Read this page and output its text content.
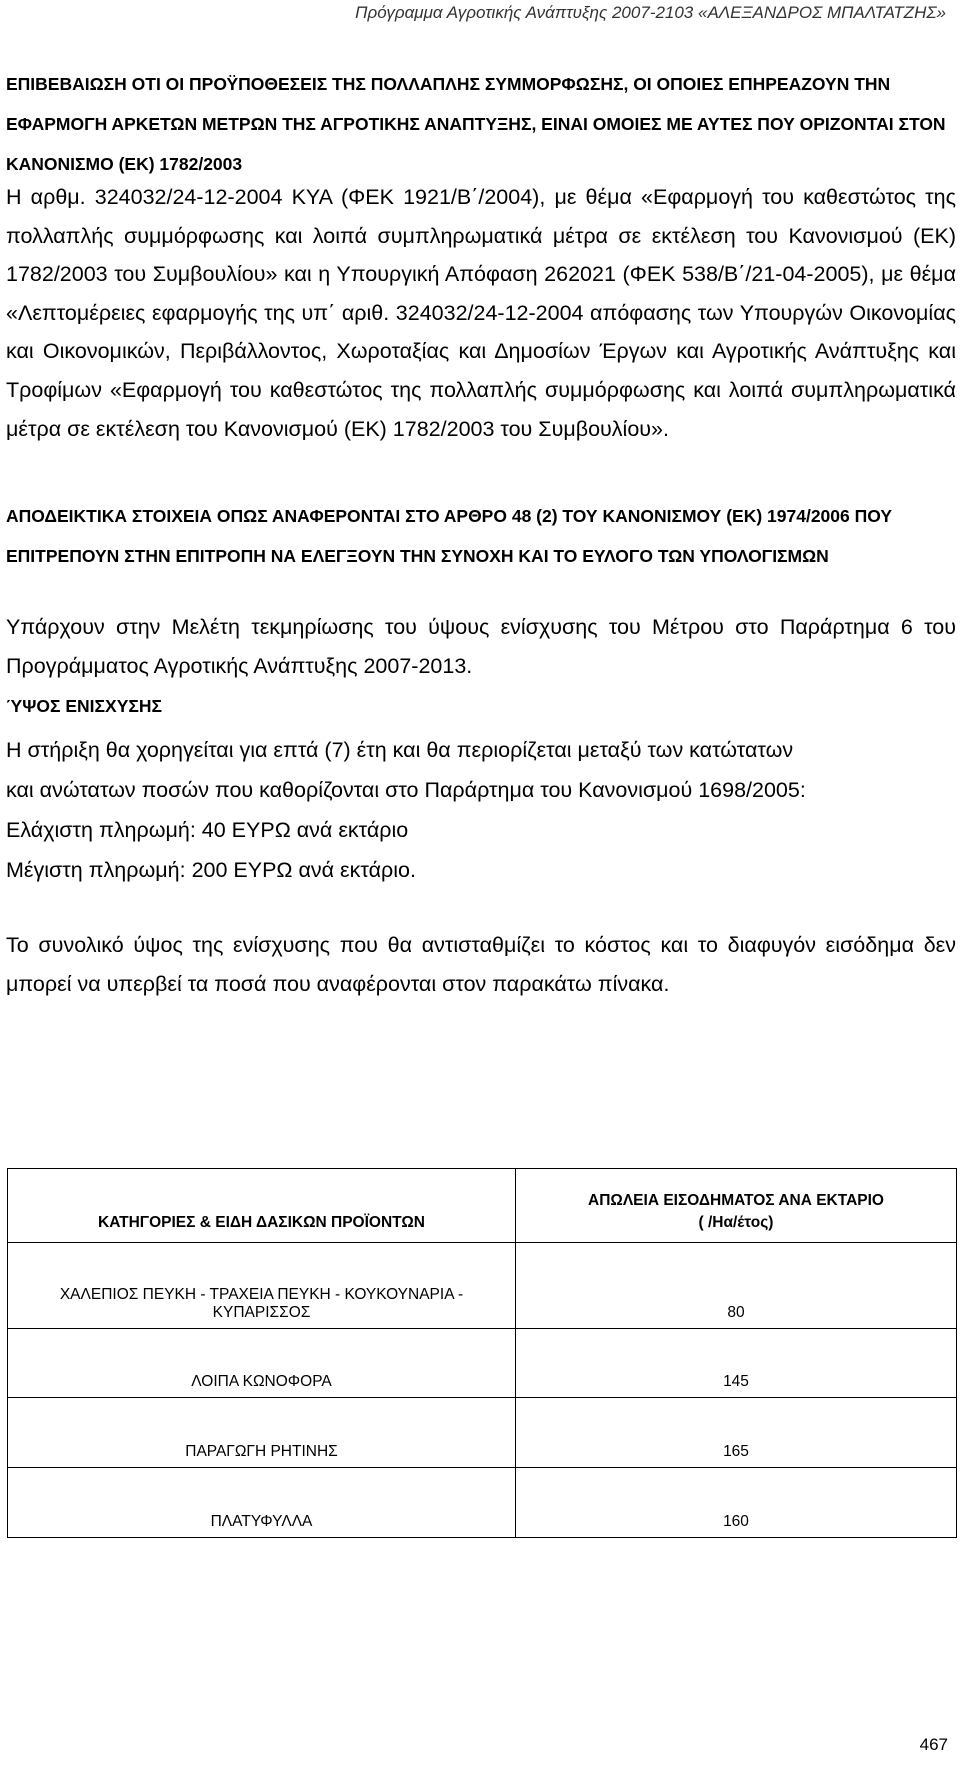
Πρόγραμμα Αγροτικής Ανάπτυξης 2007-2103 «ΑΛΕΞΑΝΔΡΟΣ ΜΠΑΛΤΑΤΖΗΣ»
ΕΠΙΒΕΒΑΙΩΣΗ ΟΤΙ ΟΙ ΠΡΟΫΠΟΘΕΣΕΙΣ ΤΗΣ ΠΟΛΛΑΠΛΗΣ ΣΥΜΜΟΡΦΩΣΗΣ, ΟΙ ΟΠΟΙΕΣ ΕΠΗΡΕΑΖΟΥΝ ΤΗΝ ΕΦΑΡΜΟΓΗ ΑΡΚΕΤΩΝ ΜΕΤΡΩΝ ΤΗΣ ΑΓΡΟΤΙΚΗΣ ΑΝΑΠΤΥΞΗΣ, ΕΙΝΑΙ ΟΜΟΙΕΣ ΜΕ ΑΥΤΕΣ ΠΟΥ ΟΡΙΖΟΝΤΑΙ ΣΤΟΝ ΚΑΝΟΝΙΣΜΟ (ΕΚ) 1782/2003
Η αρθμ. 324032/24-12-2004 ΚΥΑ (ΦΕΚ 1921/Β΄/2004), με θέμα «Εφαρμογή του καθεστώτος της πολλαπλής συμμόρφωσης και λοιπά συμπληρωματικά μέτρα σε εκτέλεση του Κανονισμού (ΕΚ) 1782/2003 του Συμβουλίου» και η Υπουργική Απόφαση 262021 (ΦΕΚ 538/Β΄/21-04-2005), με θέμα «Λεπτομέρειες εφαρμογής της υπ΄ αριθ. 324032/24-12-2004 απόφασης των Υπουργών Οικονομίας και Οικονομικών, Περιβάλλοντος, Χωροταξίας και Δημοσίων Έργων και Αγροτικής Ανάπτυξης και Τροφίμων «Εφαρμογή του καθεστώτος της πολλαπλής συμμόρφωσης και λοιπά συμπληρωματικά μέτρα σε εκτέλεση του Κανονισμού (ΕΚ) 1782/2003 του Συμβουλίου».
ΑΠΟΔΕΙΚΤΙΚΑ ΣΤΟΙΧΕΙΑ ΟΠΩΣ ΑΝΑΦΕΡΟΝΤΑΙ ΣΤΟ ΑΡΘΡΟ 48 (2) ΤΟΥ ΚΑΝΟΝΙΣΜΟΥ (ΕΚ) 1974/2006 ΠΟΥ ΕΠΙΤΡΕΠΟΥΝ ΣΤΗΝ ΕΠΙΤΡΟΠΗ ΝΑ ΕΛΕΓΞΟΥΝ ΤΗΝ ΣΥΝΟΧΗ ΚΑΙ ΤΟ ΕΥΛΟΓΟ ΤΩΝ ΥΠΟΛΟΓΙΣΜΩΝ
Υπάρχουν στην Μελέτη τεκμηρίωσης του ύψους ενίσχυσης του Μέτρου στο Παράρτημα 6 του Προγράμματος Αγροτικής Ανάπτυξης 2007-2013.
ΎΨΟΣ ΕΝΙΣΧΥΣΗΣ
Η στήριξη θα χορηγείται για επτά (7) έτη και θα περιορίζεται μεταξύ των κατώτατων
και ανώτατων ποσών που καθορίζονται στο Παράρτημα του Κανονισμού 1698/2005:
Ελάχιστη πληρωμή: 40 ΕΥΡΩ ανά εκτάριο
Μέγιστη πληρωμή: 200 ΕΥΡΩ ανά εκτάριο.
Το συνολικό ύψος της ενίσχυσης που θα αντισταθμίζει το κόστος και το διαφυγόν εισόδημα δεν μπορεί να υπερβεί τα ποσά που αναφέρονται στον παρακάτω πίνακα.
ΚΑΤΗΓΟΡΙΕΣ & ΕΙΔΗ ΔΑΣΙΚΩΝ ΠΡΟΪΟΝΤΩΝ	ΑΠΩΛΕΙΑ ΕΙΣΟΔΗΜΑΤΟΣ ΑΝΑ ΕΚΤΑΡΙΟ
( /Ηα/έτος)

ΧΑΛΕΠΙΟΣ ΠΕΥΚΗ - ΤΡΑΧΕΙΑ ΠΕΥΚΗ - ΚΟΥΚΟΥΝΑΡΙΑ - ΚΥΠΑΡΙΣΣΟΣ	80
ΛΟΙΠΑ ΚΩΝΟΦΟΡΑ	145
ΠΑΡΑΓΩΓΗ ΡΗΤΙΝΗΣ	165
ΠΛΑΤΥΦΥΛΛΑ	160
467
